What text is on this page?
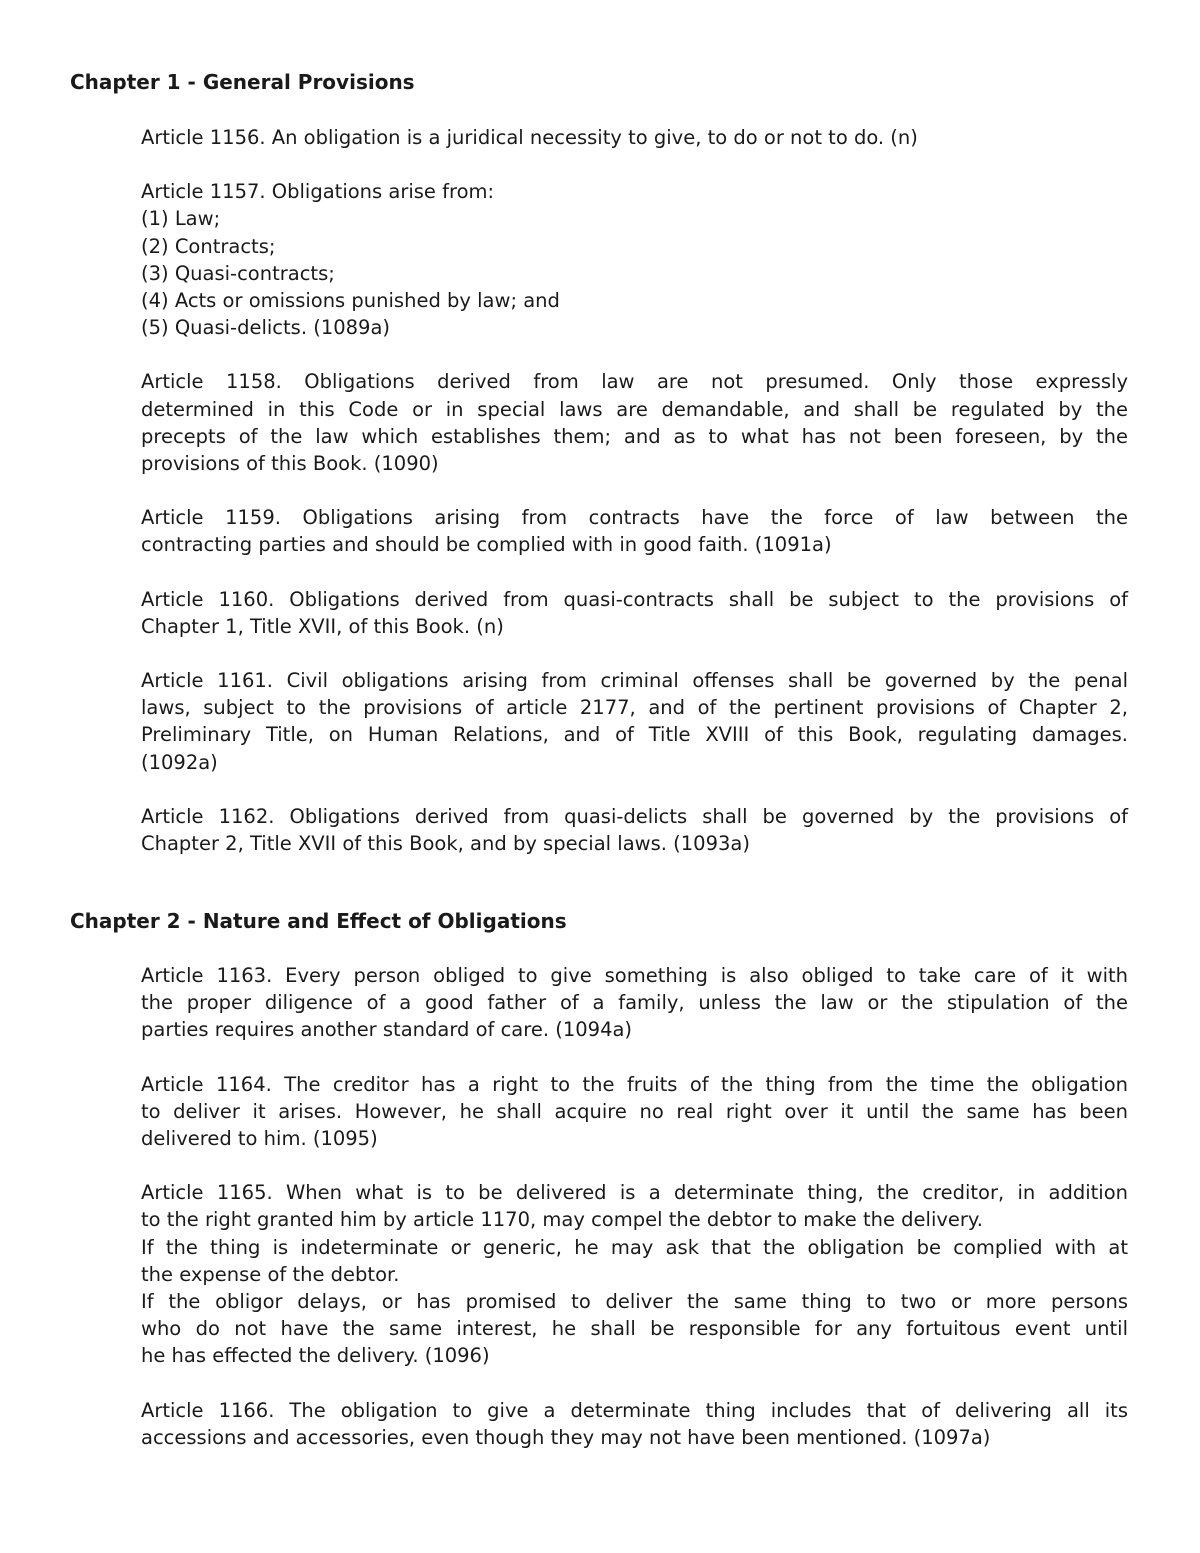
Chapter 1 - General Provisions
Article 1156. An obligation is a juridical necessity to give, to do or not to do. (n)
Article 1157. Obligations arise from:
(1) Law;
(2) Contracts;
(3) Quasi-contracts;
(4) Acts or omissions punished by law; and
(5) Quasi-delicts. (1089a)
Article 1158. Obligations derived from law are not presumed. Only those expressly
determined in this Code or in special laws are demandable, and shall be regulated by the
precepts of the law which establishes them; and as to what has not been foreseen, by the
provisions of this Book. (1090)
Article 1159. Obligations arising from contracts have the force of law between the
contracting parties and should be complied with in good faith. (1091a)
Article 1160. Obligations derived from quasi-contracts shall be subject to the provisions of
Chapter 1, Title XVII, of this Book. (n)
Article 1161. Civil obligations arising from criminal offenses shall be governed by the penal
laws, subject to the provisions of article 2177, and of the pertinent provisions of Chapter 2,
Preliminary Title, on Human Relations, and of Title XVIII of this Book, regulating damages.
(1092a)
Article 1162. Obligations derived from quasi-delicts shall be governed by the provisions of
Chapter 2, Title XVII of this Book, and by special laws. (1093a)
Chapter 2 - Nature and Effect of Obligations
Article 1163. Every person obliged to give something is also obliged to take care of it with
the proper diligence of a good father of a family, unless the law or the stipulation of the
parties requires another standard of care. (1094a)
Article 1164. The creditor has a right to the fruits of the thing from the time the obligation
to deliver it arises. However, he shall acquire no real right over it until the same has been
delivered to him. (1095)
Article 1165. When what is to be delivered is a determinate thing, the creditor, in addition
to the right granted him by article 1170, may compel the debtor to make the delivery.
If the thing is indeterminate or generic, he may ask that the obligation be complied with at
the expense of the debtor.
If the obligor delays, or has promised to deliver the same thing to two or more persons
who do not have the same interest, he shall be responsible for any fortuitous event until
he has effected the delivery. (1096)
Article 1166. The obligation to give a determinate thing includes that of delivering all its
accessions and accessories, even though they may not have been mentioned. (1097a)
